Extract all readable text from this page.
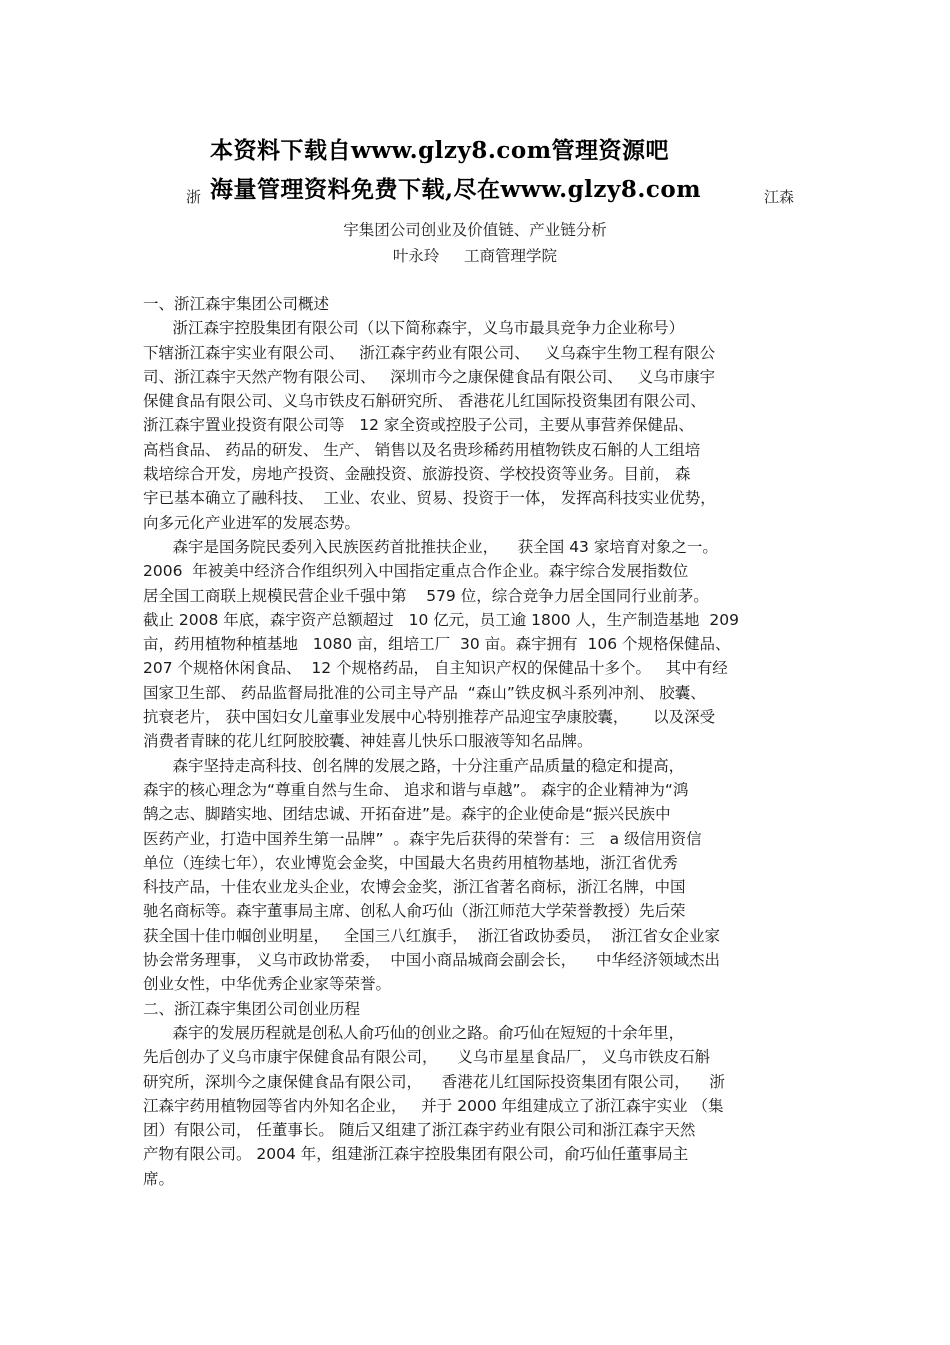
本资料下载自www.glzy8.com管理资源吧
海量管理资料免费下载,尽在www.glzy8.com
浙	江森
宇集团公司创业及价值链、产业链分析
叶永玲     工商管理学院
一、浙江森宇集团公司概述
浙江森宇控股集团有限公司（以下简称森宇，义乌市最具竞争力企业称号）
下辖浙江森宇实业有限公司、   浙江森宇药业有限公司、   义乌森宇生物工程有限公
司、浙江森宇天然产物有限公司、   深圳市今之康保健食品有限公司、   义乌市康宇
保健食品有限公司、义乌市铁皮石斛研究所、 香港花儿红国际投资集团有限公司、
浙江森宇置业投资有限公司等   12 家全资或控股子公司，主要从事营养保健品、
高档食品、 药品的研发、 生产、 销售以及名贵珍稀药用植物铁皮石斛的人工组培
栽培综合开发，房地产投资、金融投资、旅游投资、学校投资等业务。目前， 森
宇已基本确立了融科技、  工业、农业、贸易、投资于一体， 发挥高科技实业优势，
向多元化产业进军的发展态势。
森宇是国务院民委列入民族医药首批推扶企业，    获全国 43 家培育对象之一。
2006  年被美中经济合作组织列入中国指定重点合作企业。森宇综合发展指数位
居全国工商联上规模民营企业千强中第    579 位，综合竞争力居全国同行业前茅。
截止 2008 年底，森宇资产总额超过   10 亿元，员工逾 1800 人，生产制造基地  209
亩，药用植物种植基地   1080 亩，组培工厂  30 亩。森宇拥有  106 个规格保健品、
207 个规格休闲食品、  12 个规格药品， 自主知识产权的保健品十多个。   其中有经
国家卫生部、 药品监督局批准的公司主导产品  “森山”铁皮枫斗系列冲剂、 胶囊、
抗衰老片， 获中国妇女儿童事业发展中心特别推荐产品迎宝孕康胶囊，     以及深受
消费者青睐的花儿红阿胶胶囊、神娃喜儿快乐口服液等知名品牌。
森宇坚持走高科技、创名牌的发展之路，十分注重产品质量的稳定和提高，
森宇的核心理念为“尊重自然与生命、 追求和谐与卓越”。 森宇的企业精神为“鸿
鹄之志、脚踏实地、团结忠诚、开拓奋进”是。森宇的企业使命是“振兴民族中
医药产业，打造中国养生第一品牌”  。森宇先后获得的荣誉有：三   a 级信用资信
单位（连续七年），农业博览会金奖，中国最大名贵药用植物基地，浙江省优秀
科技产品，十佳农业龙头企业，农博会金奖，浙江省著名商标，浙江名牌，中国
驰名商标等。森宇董事局主席、创私人俞巧仙（浙江师范大学荣誉教授）先后荣
获全国十佳巾帼创业明星，   全国三八红旗手，  浙江省政协委员，  浙江省女企业家
协会常务理事， 义乌市政协常委，  中国小商品城商会副会长，    中华经济领域杰出
创业女性，中华优秀企业家等荣誉。
二、浙江森宇集团公司创业历程
森宇的发展历程就是创私人俞巧仙的创业之路。俞巧仙在短短的十余年里，
先后创办了义乌市康宇保健食品有限公司，    义乌市星星食品厂， 义乌市铁皮石斛
研究所，深圳今之康保健食品有限公司，    香港花儿红国际投资集团有限公司，    浙
江森宇药用植物园等省内外知名企业，   并于 2000 年组建成立了浙江森宇实业 （集
团）有限公司， 任董事长。 随后又组建了浙江森宇药业有限公司和浙江森宇天然
产物有限公司。 2004 年，组建浙江森宇控股集团有限公司，俞巧仙任董事局主
席。
